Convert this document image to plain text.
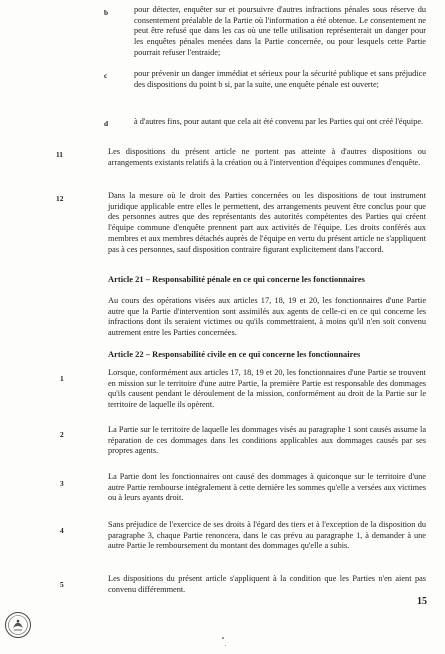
b	pour détecter, enquêter sur et poursuivre d'autres infractions pénales sous réserve du consentement préalable de la Partie où l'information a été obtenue. Le consentement ne peut être refusé que dans les cas où une telle utilisation représenterait un danger pour les enquêtes pénales menées dans la Partie concernée, ou pour lesquels cette Partie pourrait refuser l'entraide;
c	pour prévenir un danger immédiat et sérieux pour la sécurité publique et sans préjudice des dispositions du point b si, par la suite, une enquête pénale est ouverte;
d	à d'autres fins, pour autant que cela ait été convenu par les Parties qui ont créé l'équipe.
11	Les dispositions du présent article ne portent pas atteinte à d'autres dispositions ou arrangements existants relatifs à la création ou à l'intervention d'équipes communes d'enquête.
12	Dans la mesure où le droit des Parties concernées ou les dispositions de tout instrument juridique applicable entre elles le permettent, des arrangements peuvent être conclus pour que des personnes autres que des représentants des autorités compétentes des Parties qui créent l'équipe commune d'enquête prennent part aux activités de l'équipe. Les droits conférés aux membres et aux membres détachés auprès de l'équipe en vertu du présent article ne s'appliquent pas à ces personnes, sauf disposition contraire figurant explicitement dans l'accord.
Article 21 – Responsabilité pénale en ce qui concerne les fonctionnaires
Au cours des opérations visées aux articles 17, 18, 19 et 20, les fonctionnaires d'une Partie autre que la Partie d'intervention sont assimilés aux agents de celle-ci en ce qui concerne les infractions dont ils seraient victimes ou qu'ils commettraient, à moins qu'il n'en soit convenu autrement entre les Parties concernées.
Article 22 – Responsabilité civile en ce qui concerne les fonctionnaires
1
Lorsque, conformément aux articles 17, 18, 19 et 20, les fonctionnaires d'une Partie se trouvent en mission sur le territoire d'une autre Partie, la première Partie est responsable des dommages qu'ils causent pendant le déroulement de la mission, conformément au droit de la Partie sur le territoire de laquelle ils opèrent.
2
La Partie sur le territoire de laquelle les dommages visés au paragraphe 1 sont causés assume la réparation de ces dommages dans les conditions applicables aux dommages causés par ses propres agents.
3
La Partie dont les fonctionnaires ont causé des dommages à quiconque sur le territoire d'une autre Partie rembourse intégralement à cette dernière les sommes qu'elle a versées aux victimes ou à leurs ayants droit.
4
Sans préjudice de l'exercice de ses droits à l'égard des tiers et à l'exception de la disposition du paragraphe 3, chaque Partie renoncera, dans le cas prévu au paragraphe 1, à demander à une autre Partie le remboursement du montant des dommages qu'elle a subis.
5
Les dispositions du présent article s'appliquent à la condition que les Parties n'en aient pas convenu différemment.
15
